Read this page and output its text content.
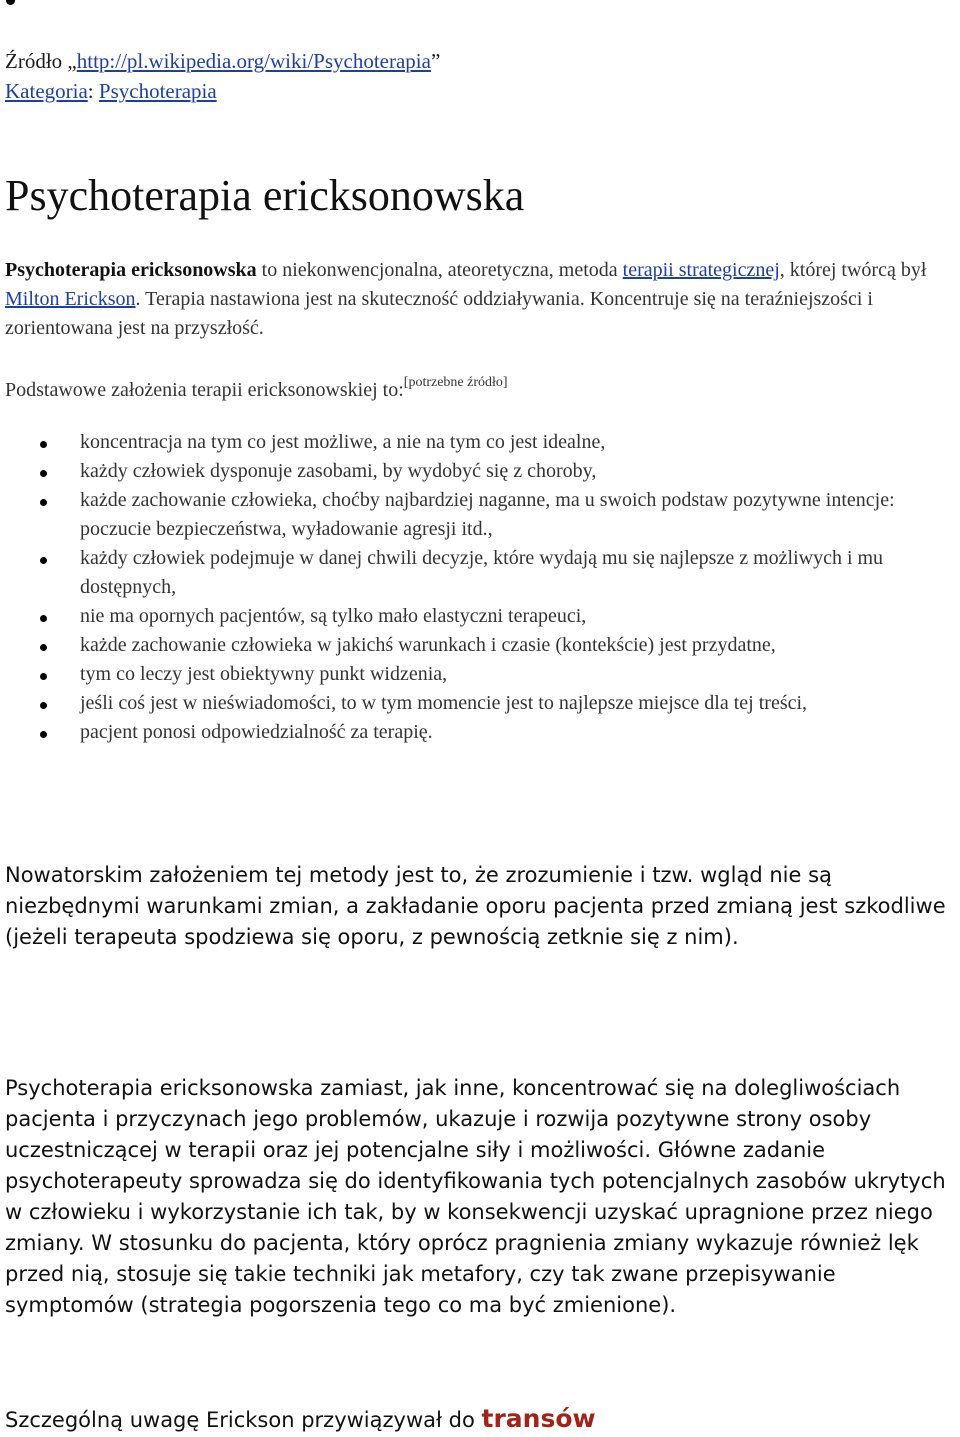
Źródło „http://pl.wikipedia.org/wiki/Psychoterapia”
Kategoria: Psychoterapia
Psychoterapia ericksonowska

Psychoterapia ericksonowska to niekonwencjonalna, ateoretyczna, metoda terapii strategicznej, której twórcą był Milton Erickson. Terapia nastawiona jest na skuteczność oddziaływania. Koncentruje się na teraźniejszości i zorientowana jest na przyszłość.

Podstawowe założenia terapii ericksonowskiej to:[potrzebne źródło]

koncentracja na tym co jest możliwe, a nie na tym co jest idealne,
każdy człowiek dysponuje zasobami, by wydobyć się z choroby,
każde zachowanie człowieka, choćby najbardziej naganne, ma u swoich podstaw pozytywne intencje: poczucie bezpieczeństwa, wyładowanie agresji itd.,
każdy człowiek podejmuje w danej chwili decyzje, które wydają mu się najlepsze z możliwych i mu dostępnych,
nie ma opornych pacjentów, są tylko mało elastyczni terapeuci,
każde zachowanie człowieka w jakichś warunkach i czasie (kontekście) jest przydatne,
tym co leczy jest obiektywny punkt widzenia,
jeśli coś jest w nieświadomości, to w tym momencie jest to najlepsze miejsce dla tej treści,
pacjent ponosi odpowiedzialność za terapię.

Nowatorskim założeniem tej metody jest to, że zrozumienie i tzw. wgląd nie są niezbędnymi warunkami zmian, a zakładanie oporu pacjenta przed zmianą jest szkodliwe (jeżeli terapeuta spodziewa się oporu, z pewnością zetknie się z nim).

Psychoterapia ericksonowska zamiast, jak inne, koncentrować się na dolegliwościach pacjenta i przyczynach jego problemów, ukazuje i rozwija pozytywne strony osoby uczestniczącej w terapii oraz jej potencjalne siły i możliwości. Główne zadanie psychoterapeuty sprowadza się do identyfikowania tych potencjalnych zasobów ukrytych w człowieku i wykorzystanie ich tak, by w konsekwencji uzyskać upragnione przez niego zmiany. W stosunku do pacjenta, który oprócz pragnienia zmiany wykazuje również lęk przed nią, stosuje się takie techniki jak metafory, czy tak zwane przepisywanie symptomów (strategia pogorszenia tego co ma być zmienione).

Szczególną uwagę Erickson przywiązywał do transów
